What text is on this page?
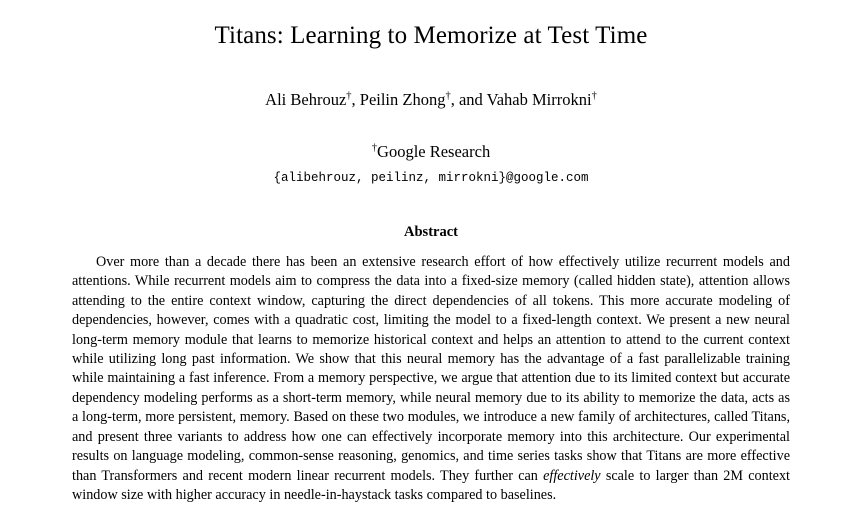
Titans: Learning to Memorize at Test Time
Ali Behrouz†, Peilin Zhong†, and Vahab Mirrokni†
†Google Research
{alibehrouz, peilinz, mirrokni}@google.com
Abstract
Over more than a decade there has been an extensive research effort of how effectively utilize recurrent models and attentions. While recurrent models aim to compress the data into a fixed-size memory (called hidden state), attention allows attending to the entire context window, capturing the direct dependencies of all tokens. This more accurate modeling of dependencies, however, comes with a quadratic cost, limiting the model to a fixed-length context. We present a new neural long-term memory module that learns to memorize historical context and helps an attention to attend to the current context while utilizing long past information. We show that this neural memory has the advantage of a fast parallelizable training while maintaining a fast inference. From a memory perspective, we argue that attention due to its limited context but accurate dependency modeling performs as a short-term memory, while neural memory due to its ability to memorize the data, acts as a long-term, more persistent, memory. Based on these two modules, we introduce a new family of architectures, called Titans, and present three variants to address how one can effectively incorporate memory into this architecture. Our experimental results on language modeling, common-sense reasoning, genomics, and time series tasks show that Titans are more effective than Transformers and recent modern linear recurrent models. They further can effectively scale to larger than 2M context window size with higher accuracy in needle-in-haystack tasks compared to baselines.
